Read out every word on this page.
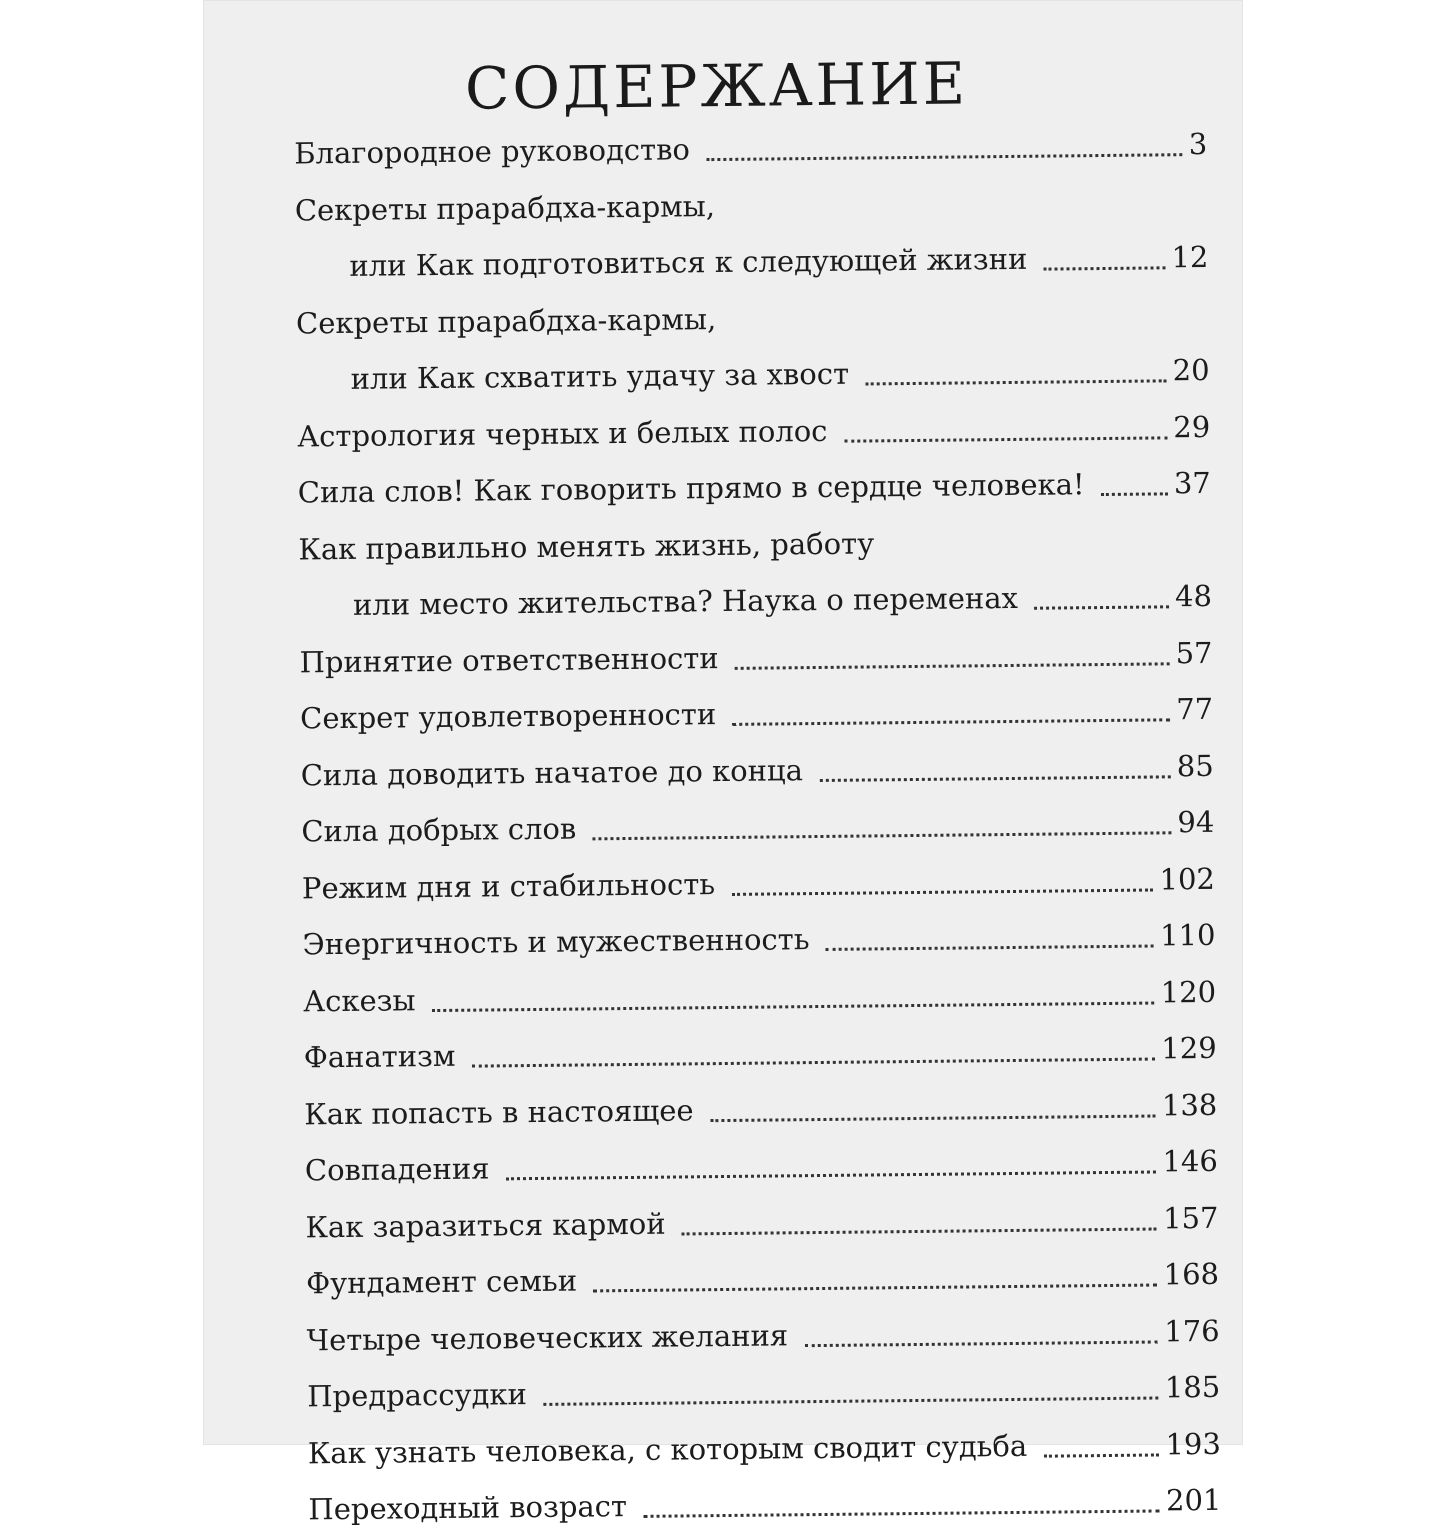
СОДЕРЖАНИЕ
Благородное руководство	3
Секреты прарабдха-кармы,
или Как подготовиться к следующей жизни	12
Секреты прарабдха-кармы,
или Как схватить удачу за хвост	20
Астрология черных и белых полос	29
Сила слов! Как говорить прямо в сердце человека!	37
Как правильно менять жизнь, работу
или место жительства? Наука о переменах	48
Принятие ответственности	57
Секрет удовлетворенности	77
Сила доводить начатое до конца	85
Сила добрых слов	94
Режим дня и стабильность	102
Энергичность и мужественность	110
Аскезы	120
Фанатизм	129
Как попасть в настоящее	138
Совпадения	146
Как заразиться кармой	157
Фундамент семьи	168
Четыре человеческих желания	176
Предрассудки	185
Как узнать человека, с которым сводит судьба	193
Переходный возраст	201
